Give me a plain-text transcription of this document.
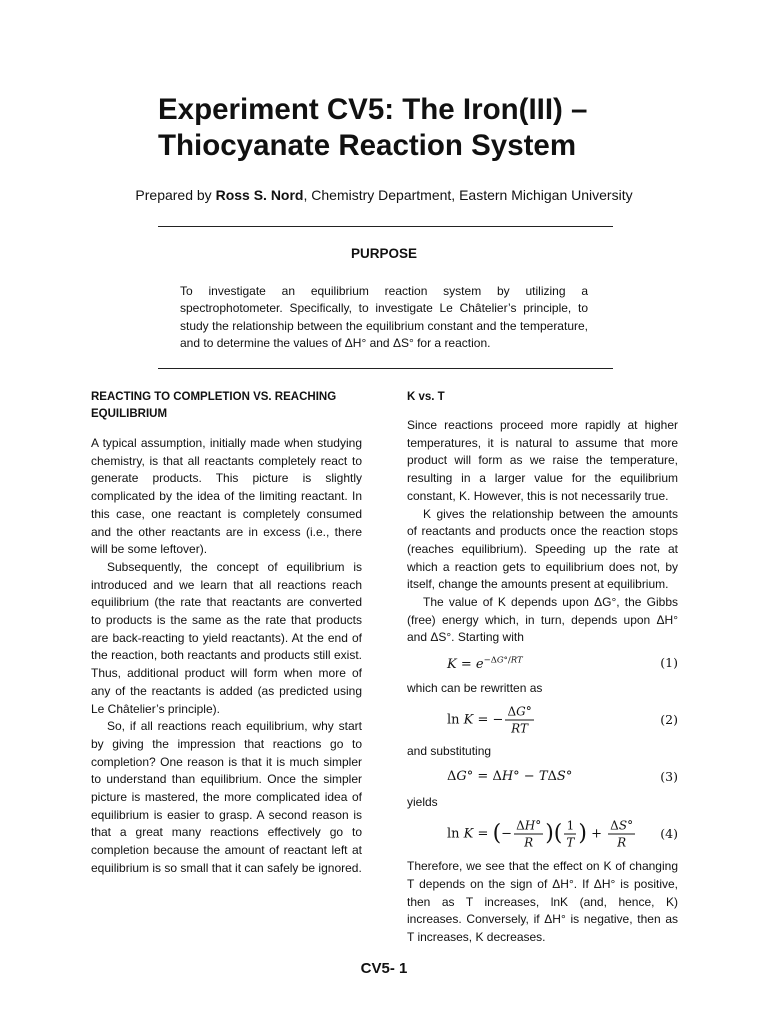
Experiment CV5: The Iron(III) –
Thiocyanate Reaction System
Prepared by Ross S. Nord, Chemistry Department, Eastern Michigan University
PURPOSE

To investigate an equilibrium reaction system by utilizing a spectrophotometer. Specifically, to investigate Le Châtelier’s principle, to study the relationship between the equilibrium constant and the temperature, and to determine the values of ΔH° and ΔS° for a reaction.

REACTING TO COMPLETION VS. REACHING EQUILIBRIUM

A typical assumption, initially made when studying chemistry, is that all reactants completely react to generate products. This picture is slightly complicated by the idea of the limiting reactant. In this case, one reactant is completely consumed and the other reactants are in excess (i.e., there will be some leftover).

Subsequently, the concept of equilibrium is introduced and we learn that all reactions reach equilibrium (the rate that reactants are converted to products is the same as the rate that products are back-reacting to yield reactants). At the end of the reaction, both reactants and products still exist. Thus, additional product will form when more of any of the reactants is added (as predicted using Le Châtelier’s principle).

So, if all reactions reach equilibrium, why start by giving the impression that reactions go to completion? One reason is that it is much simpler to understand than equilibrium. Once the simpler picture is mastered, the more complicated idea of equilibrium is easier to grasp. A second reason is that a great many reactions effectively go to completion because the amount of reactant left at equilibrium is so small that it can safely be ignored.

K vs. T

Since reactions proceed more rapidly at higher temperatures, it is natural to assume that more product will form as we raise the temperature, resulting in a larger value for the equilibrium constant, K. However, this is not necessarily true.

K gives the relationship between the amounts of reactants and products once the reaction stops (reaches equilibrium). Speeding up the rate at which a reaction gets to equilibrium does not, by itself, change the amounts present at equilibrium.

The value of K depends upon ΔG°, the Gibbs (free) energy which, in turn, depends upon ΔH° and ΔS°. Starting with

$K = e^{-\Delta G^\circ/RT}$	(1)

which can be rewritten as

ln K = − $\frac{\Delta G^\circ}{RT}$	(2)

and substituting

ΔG° = ΔH° − TΔS°	(3)

yields

ln K = (− $\frac{\Delta H^\circ}{R}$ )( $\frac{1}{T}$ ) + $\frac{\Delta S^\circ}{R} (4)$

Therefore, we see that the effect on K of changing T depends on the sign of ΔH°. If ΔH° is positive, then as T increases, lnK (and, hence, K) increases. Conversely, if ΔH° is negative, then as T increases, K decreases.

CV5- 1
